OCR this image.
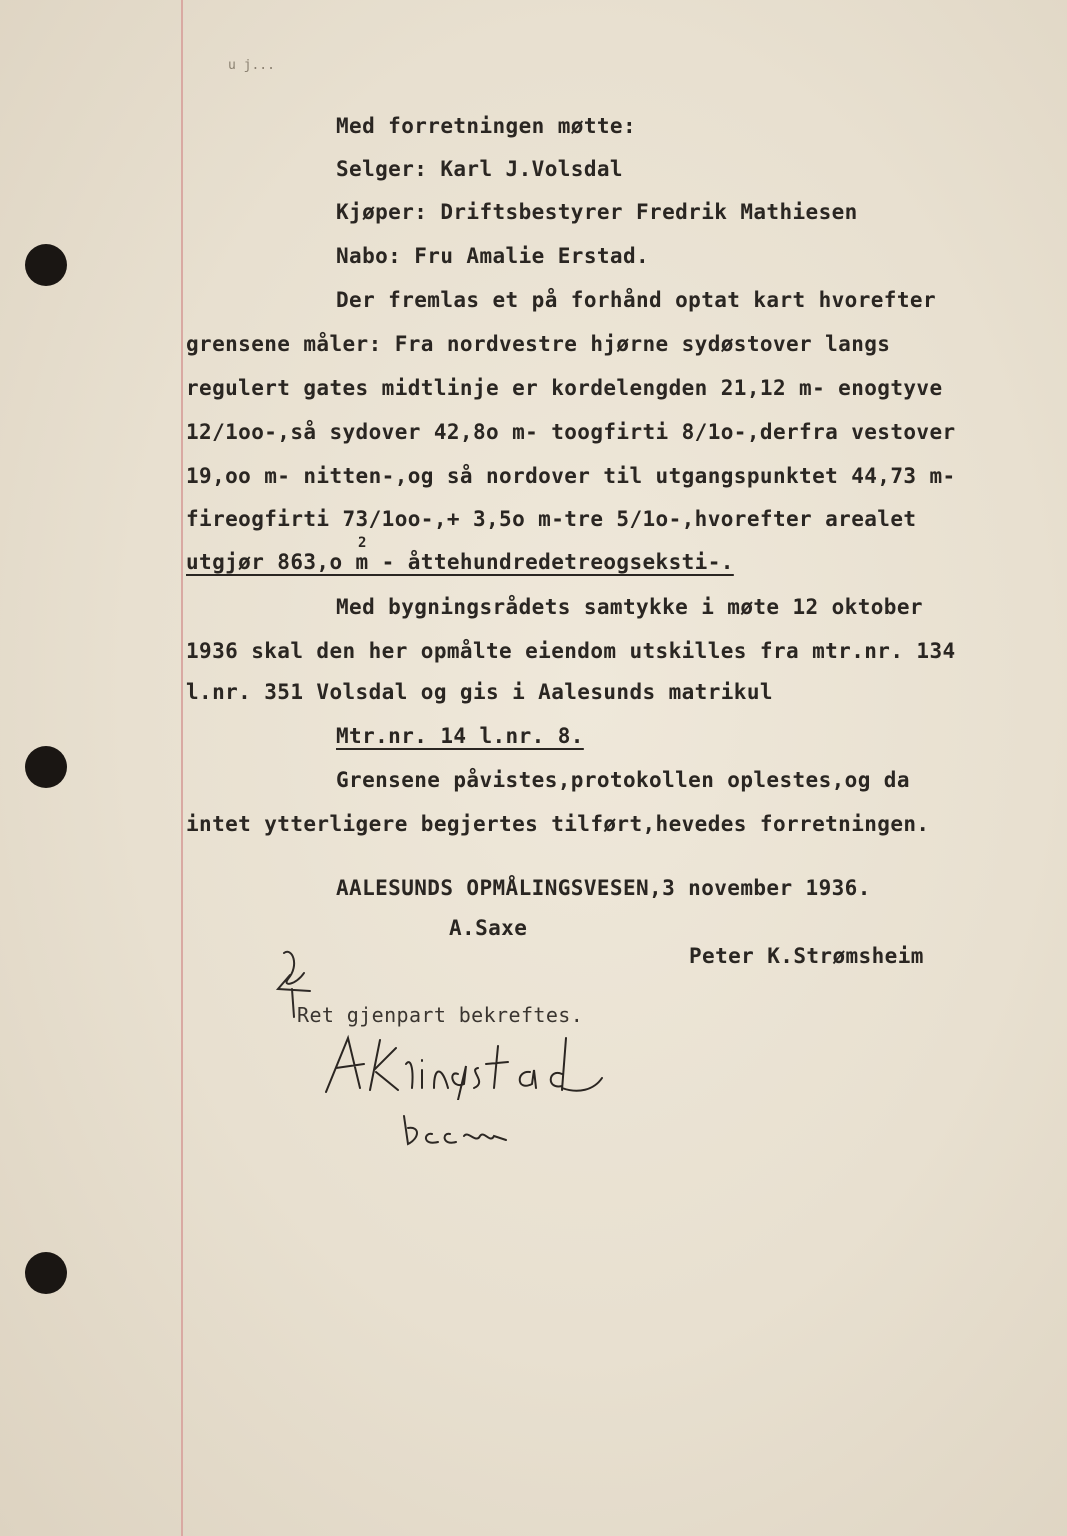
u j...
Med forretningen møtte:
Selger: Karl J.Volsdal
Kjøper: Driftsbestyrer Fredrik Mathiesen
Nabo: Fru Amalie Erstad.
Der fremlas et på forhånd optat kart hvorefter
grensene måler: Fra nordvestre hjørne sydøstover langs
regulert gates midtlinje er kordelengden 21,12 m- enogtyve
12/1oo-,så sydover 42,8o m- toogfirti 8/1o-,derfra vestover
19,oo m- nitten-,og så nordover til utgangspunktet 44,73 m-
fireogfirti 73/1oo-,+ 3,5o m-tre 5/1o-,hvorefter arealet
utgjør 863,o m - åttehundredetreogseksti-.
2
Med bygningsrådets samtykke i møte 12 oktober
1936 skal den her opmålte eiendom utskilles fra mtr.nr. 134
l.nr. 351 Volsdal og gis i Aalesunds matrikul
Mtr.nr. 14 l.nr. 8.
Grensene påvistes,protokollen oplestes,og da
intet ytterligere begjertes tilført,hevedes forretningen.
AALESUNDS OPMÅLINGSVESEN,3 november 1936.
A.Saxe
Peter K.Strømsheim
Ret gjenpart bekreftes.
